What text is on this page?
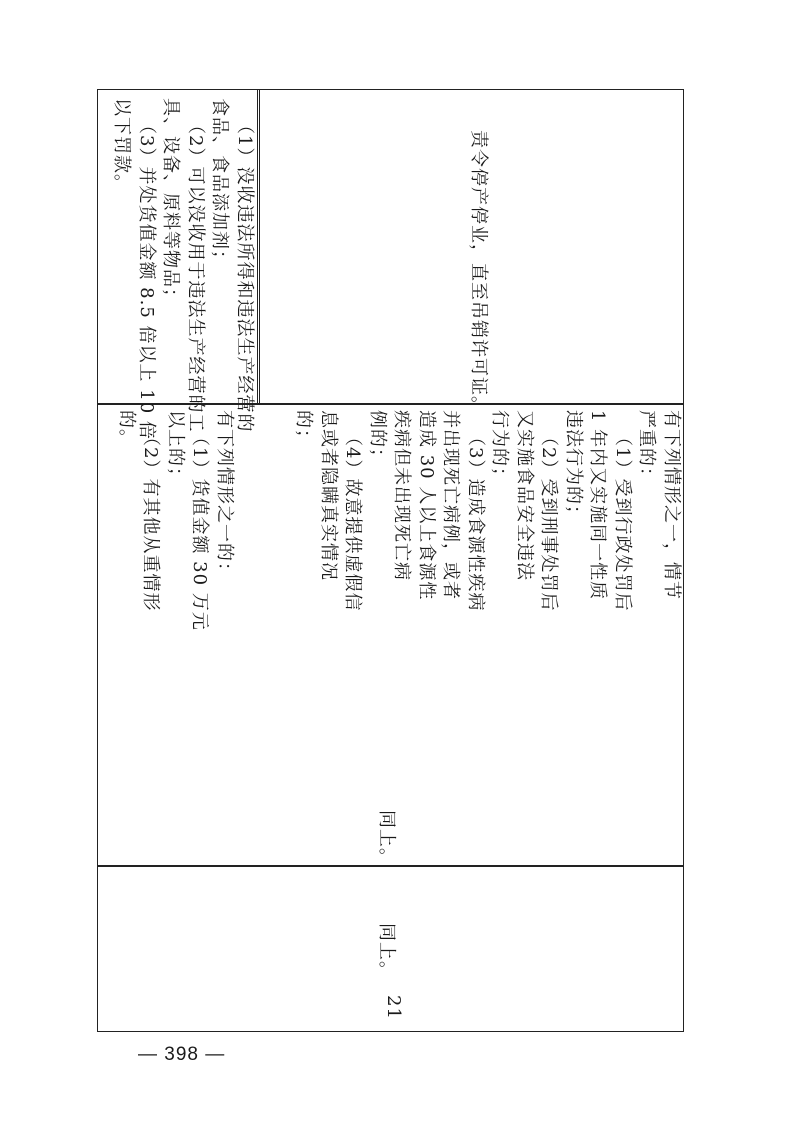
21

同上。

同上。

有下列情形之一的：

（1）货值金额 30 万元

以上的；

（2）有其他从重情形

的。	有下列情形之一，情节

严重的：

（1）受到行政处罚后

1 年内又实施同一性质

违法行为的；

（2）受到刑事处罚后

又实施食品安全违法

行为的；

（3）造成食源性疾病

并出现死亡病例，或者

造成 30 人以上食源性

疾病但未出现死亡病

例的；

（4）故意提供虚假信

息或者隐瞒真实情况

的；

（1）没收违法所得和违法生产经营的

食品、食品添加剂；

（2）可以没收用于违法生产经营的工

具、设备、原料等物品；

（3）并处货值金额 8.5 倍以上 10 倍

以下罚款。	责令停产停业，直至吊销许可证。

— 398 —
